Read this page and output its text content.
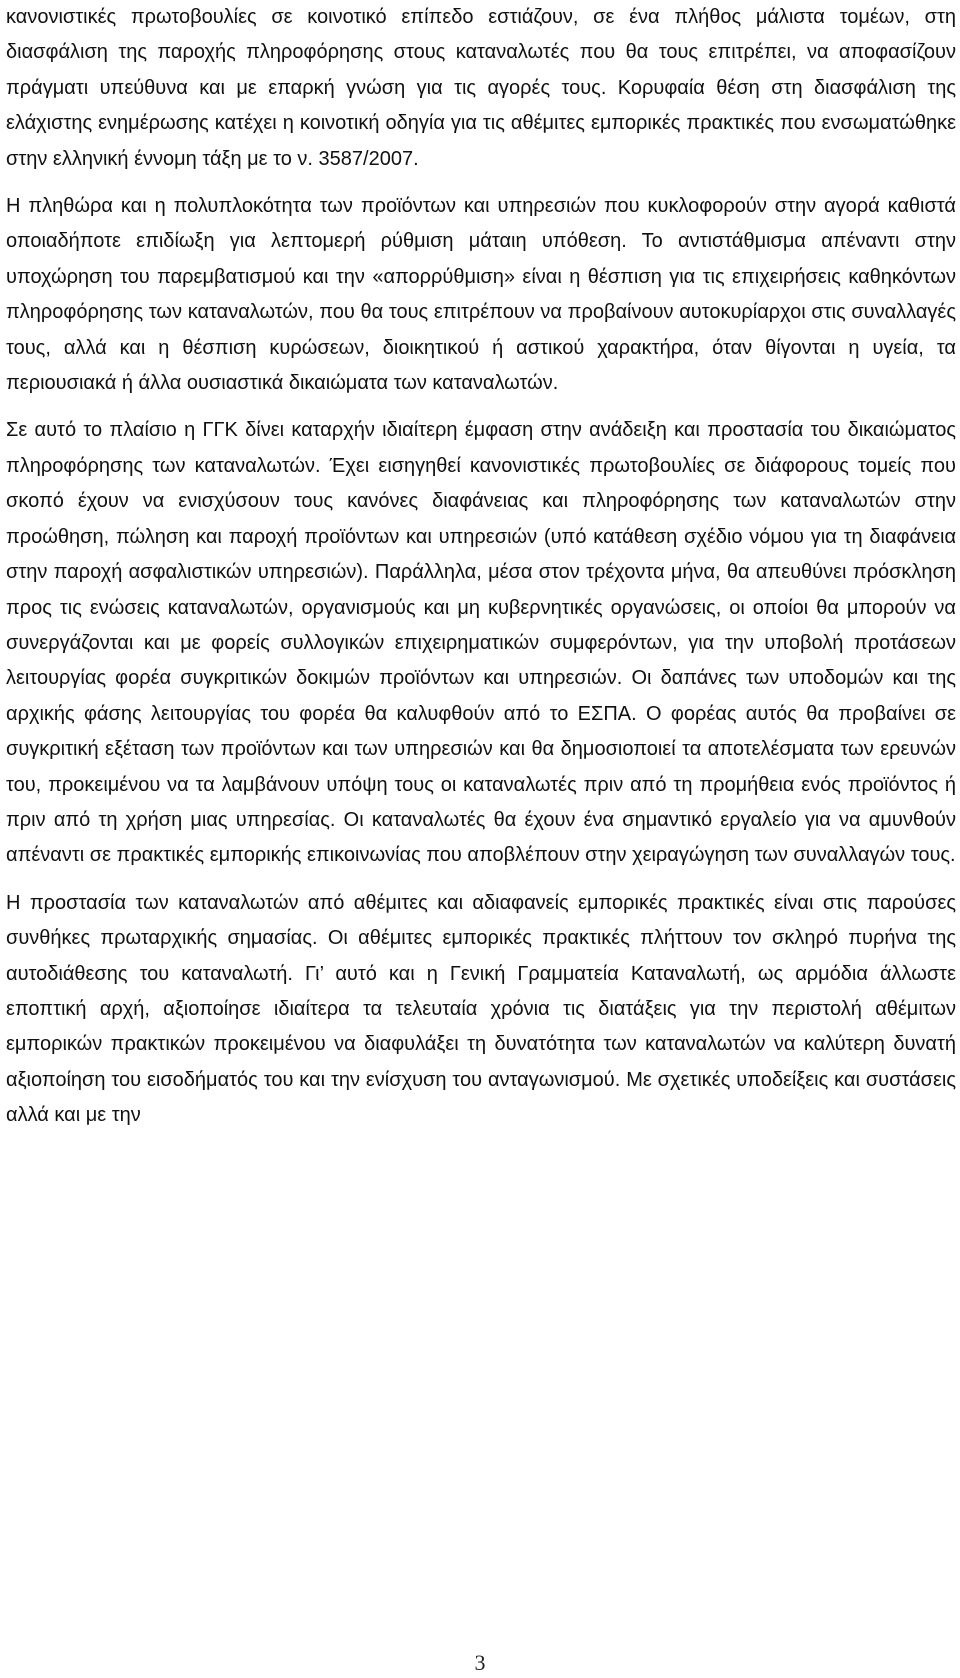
κανονιστικές πρωτοβουλίες σε κοινοτικό επίπεδο εστιάζουν, σε ένα πλήθος μάλιστα τομέων, στη διασφάλιση της παροχής πληροφόρησης στους καταναλωτές που θα τους επιτρέπει, να αποφασίζουν πράγματι υπεύθυνα και με επαρκή γνώση για τις αγορές τους. Κορυφαία θέση στη διασφάλιση της ελάχιστης ενημέρωσης κατέχει η κοινοτική οδηγία για τις αθέμιτες εμπορικές πρακτικές που ενσωματώθηκε στην ελληνική έννομη τάξη με το ν. 3587/2007.

Η πληθώρα και η πολυπλοκότητα των προϊόντων και υπηρεσιών που κυκλοφορούν στην αγορά καθιστά οποιαδήποτε επιδίωξη για λεπτομερή ρύθμιση μάταιη υπόθεση. Το αντιστάθμισμα απέναντι στην υποχώρηση του παρεμβατισμού και την «απορρύθμιση» είναι η θέσπιση για τις επιχειρήσεις καθηκόντων πληροφόρησης των καταναλωτών, που θα τους επιτρέπουν να προβαίνουν αυτοκυρίαρχοι στις συναλλαγές τους, αλλά και η θέσπιση κυρώσεων, διοικητικού ή αστικού χαρακτήρα, όταν θίγονται η υγεία, τα περιουσιακά ή άλλα ουσιαστικά δικαιώματα των καταναλωτών.

Σε αυτό το πλαίσιο η ΓΓΚ δίνει καταρχήν ιδιαίτερη έμφαση στην ανάδειξη και προστασία του δικαιώματος πληροφόρησης των καταναλωτών. Έχει εισηγηθεί κανονιστικές πρωτοβουλίες σε διάφορους τομείς που σκοπό έχουν να ενισχύσουν τους κανόνες διαφάνειας και πληροφόρησης των καταναλωτών στην προώθηση, πώληση και παροχή προϊόντων και υπηρεσιών (υπό κατάθεση σχέδιο νόμου για τη διαφάνεια στην παροχή ασφαλιστικών υπηρεσιών). Παράλληλα, μέσα στον τρέχοντα μήνα, θα απευθύνει πρόσκληση προς τις ενώσεις καταναλωτών, οργανισμούς και μη κυβερνητικές οργανώσεις, οι οποίοι θα μπορούν να συνεργάζονται και με φορείς συλλογικών επιχειρηματικών συμφερόντων, για την υποβολή προτάσεων λειτουργίας φορέα συγκριτικών δοκιμών προϊόντων και υπηρεσιών. Οι δαπάνες των υποδομών και της αρχικής φάσης λειτουργίας του φορέα θα καλυφθούν από το ΕΣΠΑ. Ο φορέας αυτός θα προβαίνει σε συγκριτική εξέταση των προϊόντων και των υπηρεσιών και θα δημοσιοποιεί τα αποτελέσματα των ερευνών του, προκειμένου να τα λαμβάνουν υπόψη τους οι καταναλωτές πριν από τη προμήθεια ενός προϊόντος ή πριν από τη χρήση μιας υπηρεσίας. Οι καταναλωτές θα έχουν ένα σημαντικό εργαλείο για να αμυνθούν απέναντι σε πρακτικές εμπορικής επικοινωνίας που αποβλέπουν στην χειραγώγηση των συναλλαγών τους.

Η προστασία των καταναλωτών από αθέμιτες και αδιαφανείς εμπορικές πρακτικές είναι στις παρούσες συνθήκες πρωταρχικής σημασίας. Οι αθέμιτες εμπορικές πρακτικές πλήττουν τον σκληρό πυρήνα της αυτοδιάθεσης του καταναλωτή. Γι’ αυτό και η Γενική Γραμματεία Καταναλωτή, ως αρμόδια άλλωστε εποπτική αρχή, αξιοποίησε ιδιαίτερα τα τελευταία χρόνια τις διατάξεις για την περιστολή αθέμιτων εμπορικών πρακτικών προκειμένου να διαφυλάξει τη δυνατότητα των καταναλωτών να καλύτερη δυνατή αξιοποίηση του εισοδήματός του και την ενίσχυση του ανταγωνισμού. Με σχετικές υποδείξεις και συστάσεις αλλά και με την

3
